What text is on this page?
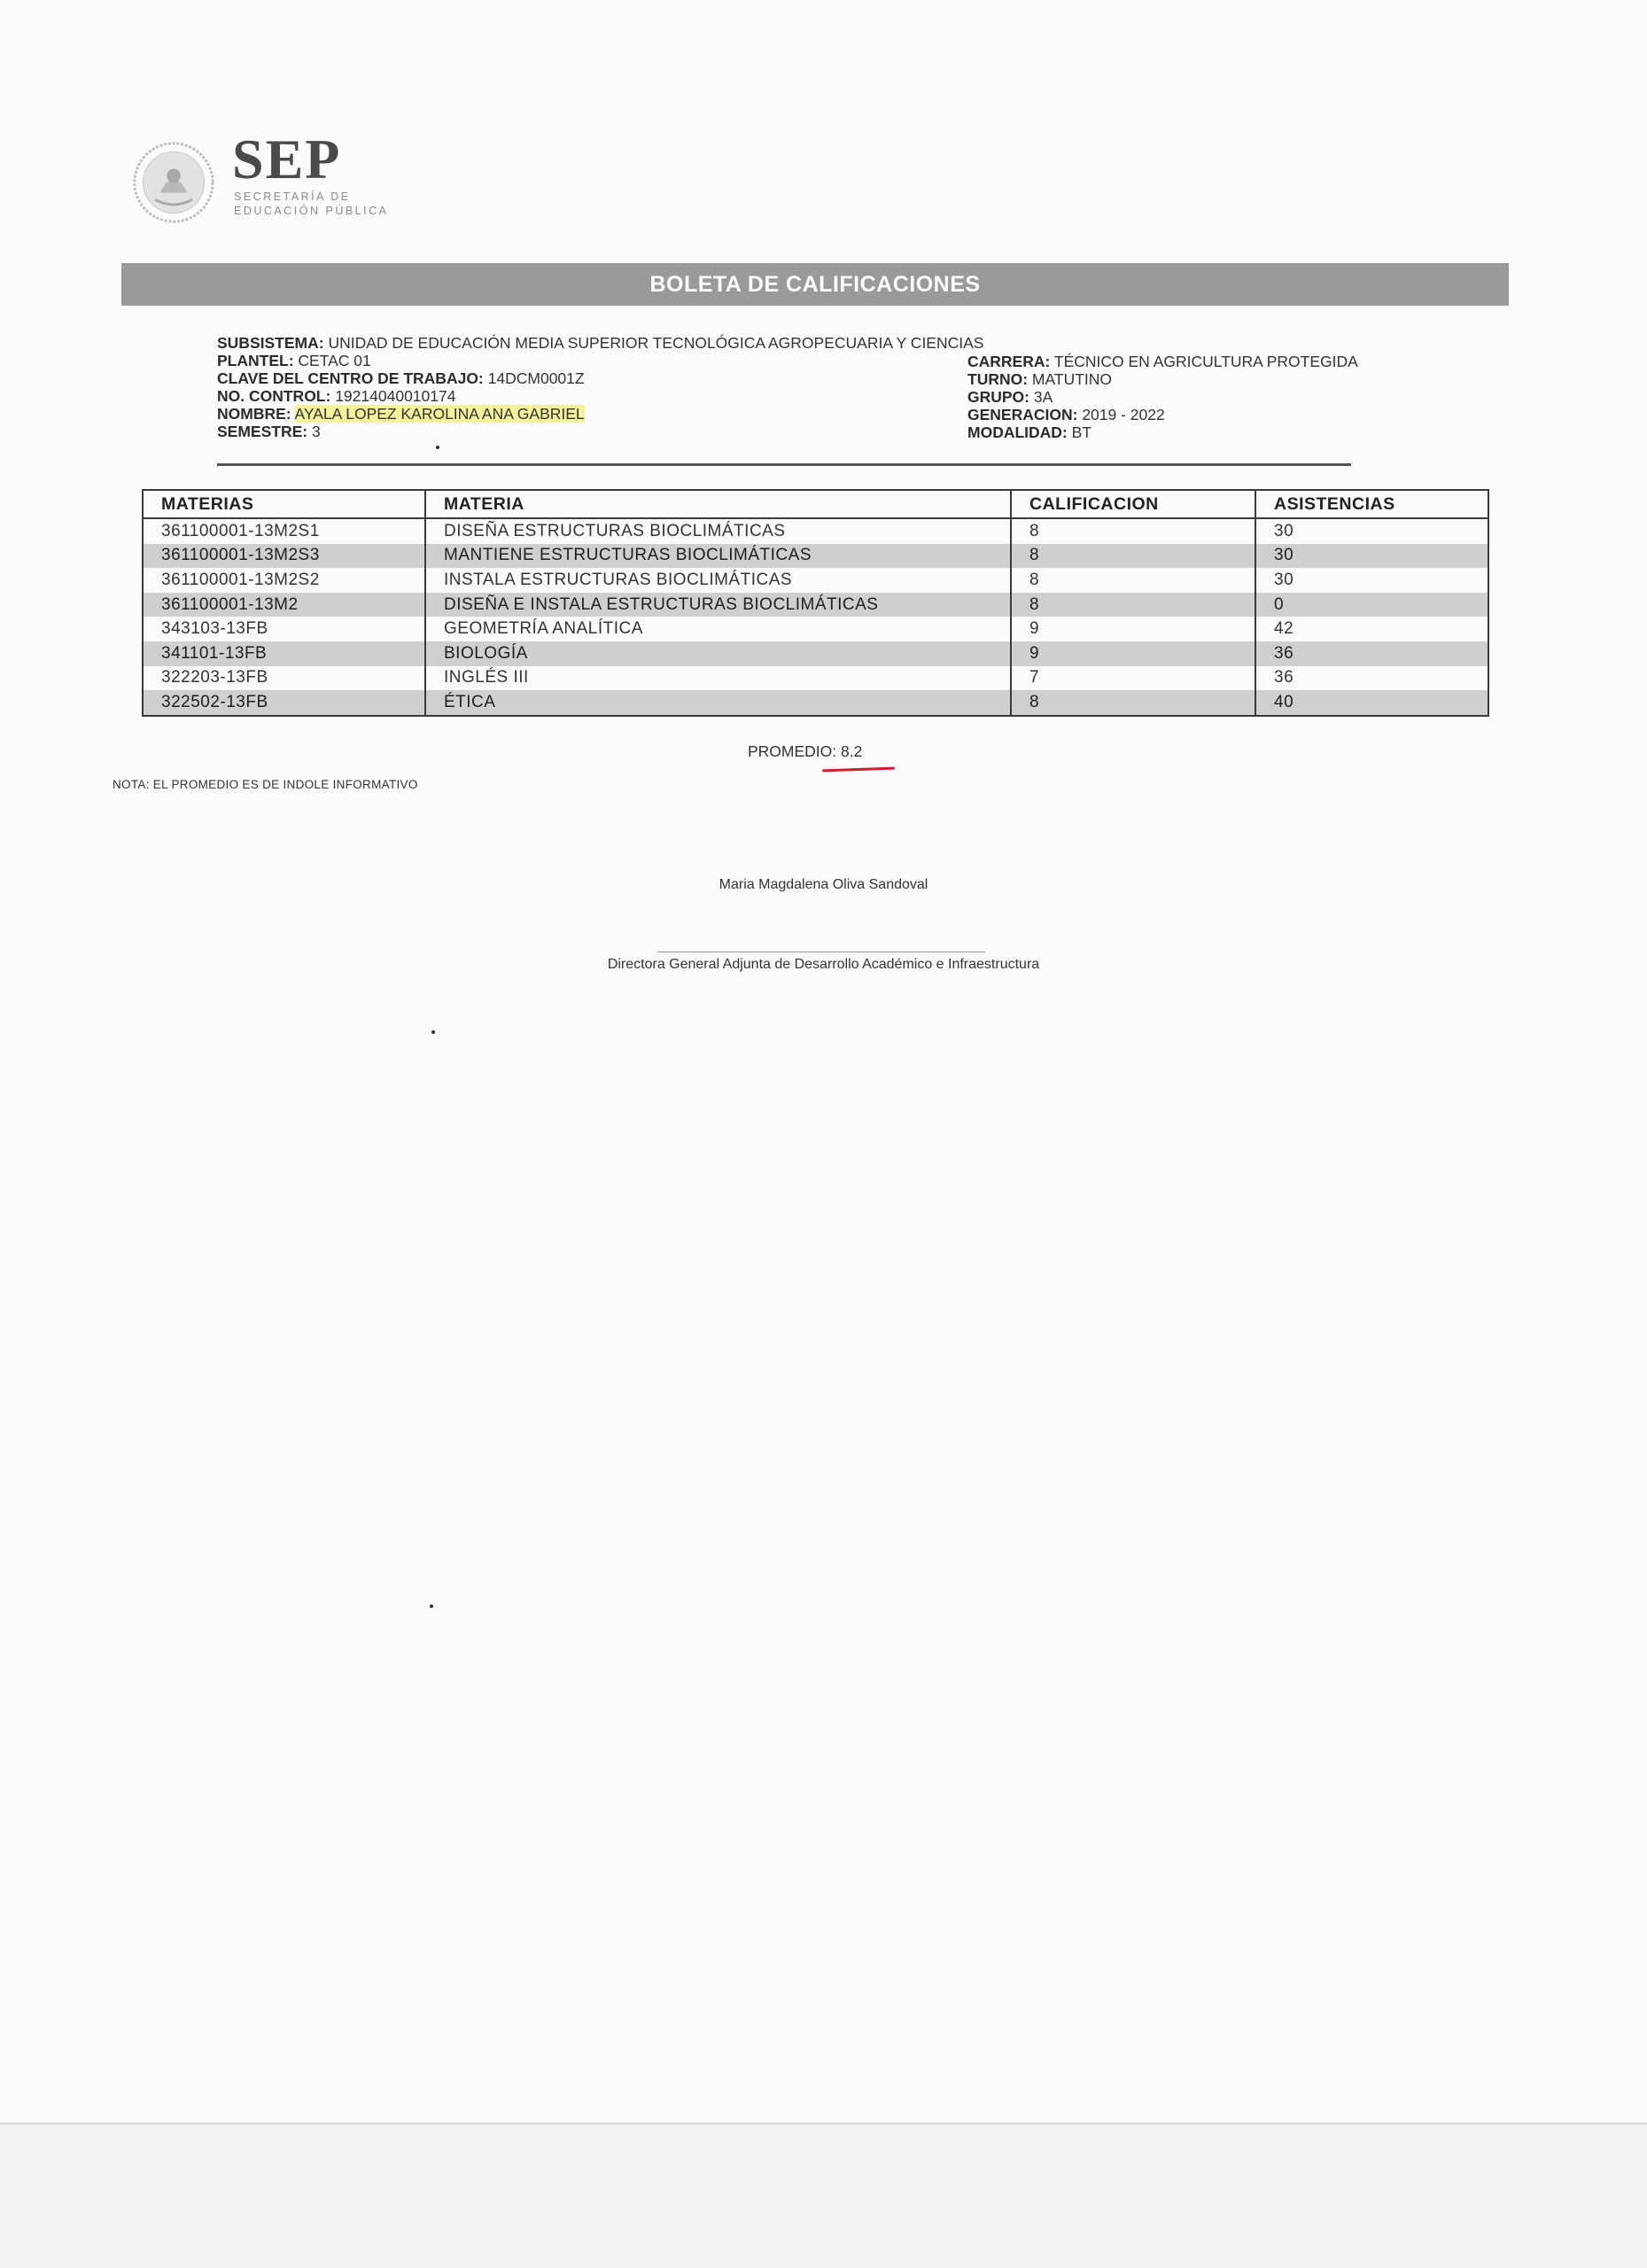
SEP
SECRETARÍA DE
EDUCACIÓN PÚBLICA
BOLETA DE CALIFICACIONES
SUBSISTEMA: UNIDAD DE EDUCACIÓN MEDIA SUPERIOR TECNOLÓGICA AGROPECUARIA Y CIENCIAS
PLANTEL: CETAC 01
CLAVE DEL CENTRO DE TRABAJO: 14DCM0001Z
NO. CONTROL: 19214040010174
NOMBRE: AYALA LOPEZ KAROLINA ANA GABRIEL
SEMESTRE: 3
CARRERA: TÉCNICO EN AGRICULTURA PROTEGIDA
TURNO: MATUTINO
GRUPO: 3A
GENERACION: 2019 - 2022
MODALIDAD: BT
MATERIAS	MATERIA	CALIFICACION	ASISTENCIAS
361100001-13M2S1	DISEÑA ESTRUCTURAS BIOCLIMÁTICAS	8	30
361100001-13M2S3	MANTIENE ESTRUCTURAS BIOCLIMÁTICAS	8	30
361100001-13M2S2	INSTALA ESTRUCTURAS BIOCLIMÁTICAS	8	30
361100001-13M2	DISEÑA E INSTALA ESTRUCTURAS BIOCLIMÁTICAS	8	0
343103-13FB	GEOMETRÍA ANALÍTICA	9	42
341101-13FB	BIOLOGÍA	9	36
322203-13FB	INGLÉS III	7	36
322502-13FB	ÉTICA	8	40
PROMEDIO: 8.2
NOTA: EL PROMEDIO ES DE INDOLE INFORMATIVO
Maria Magdalena Oliva Sandoval
Directora General Adjunta de Desarrollo Académico e Infraestructura
